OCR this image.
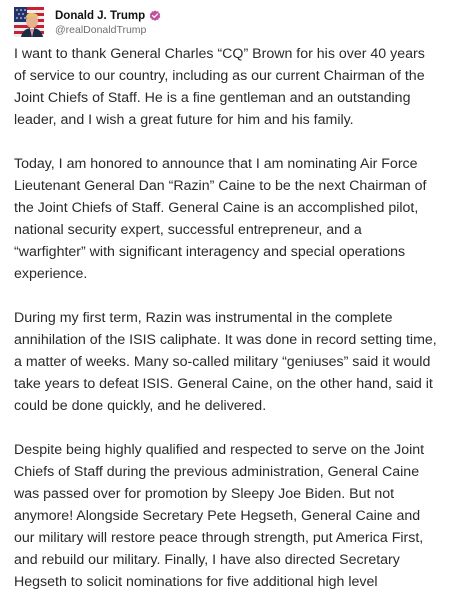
Donald J. Trump
@realDonaldTrump

I want to thank General Charles “CQ” Brown for his over 40 years
of service to our country, including as our current Chairman of the
Joint Chiefs of Staff. He is a fine gentleman and an outstanding
leader, and I wish a great future for him and his family.

Today, I am honored to announce that I am nominating Air Force
Lieutenant General Dan “Razin” Caine to be the next Chairman of
the Joint Chiefs of Staff. General Caine is an accomplished pilot,
national security expert, successful entrepreneur, and a
“warfighter” with significant interagency and special operations
experience.

During my first term, Razin was instrumental in the complete
annihilation of the ISIS caliphate. It was done in record setting time,
a matter of weeks. Many so-called military “geniuses” said it would
take years to defeat ISIS. General Caine, on the other hand, said it
could be done quickly, and he delivered.

Despite being highly qualified and respected to serve on the Joint
Chiefs of Staff during the previous administration, General Caine
was passed over for promotion by Sleepy Joe Biden. But not
anymore! Alongside Secretary Pete Hegseth, General Caine and
our military will restore peace through strength, put America First,
and rebuild our military. Finally, I have also directed Secretary
Hegseth to solicit nominations for five additional high level
